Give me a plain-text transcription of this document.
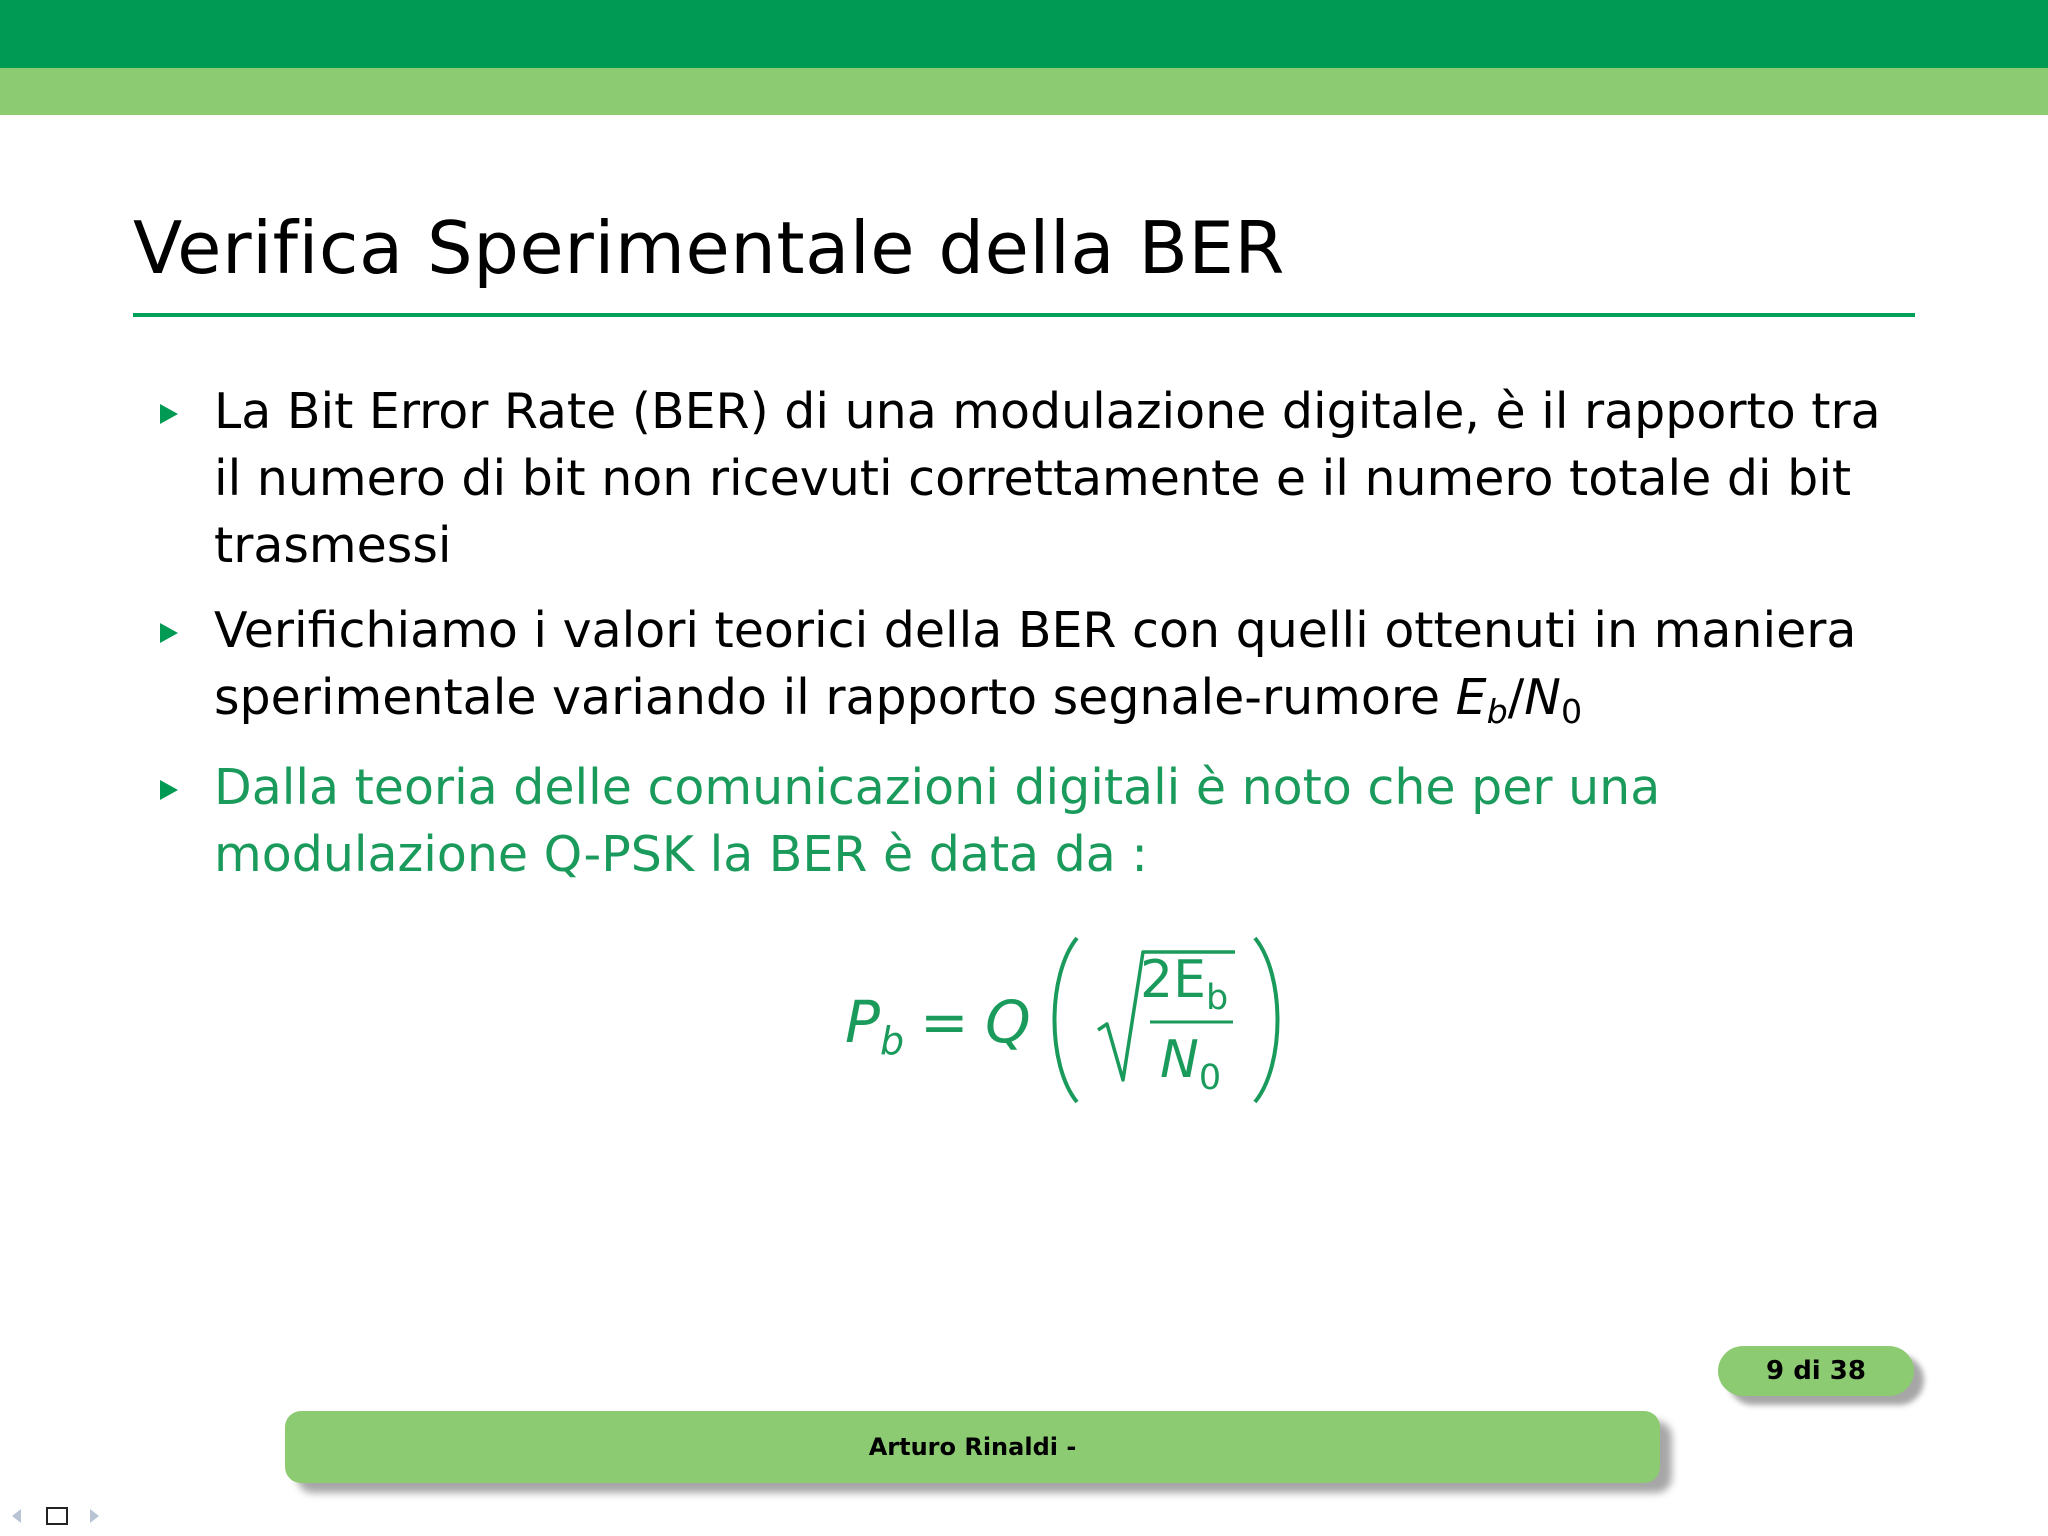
Verifica Sperimentale della BER
La Bit Error Rate (BER) di una modulazione digitale, è il rapporto tra il numero di bit non ricevuti correttamente e il numero totale di bit trasmessi
Verifichiamo i valori teorici della BER con quelli ottenuti in maniera sperimentale variando il rapporto segnale-rumore Eb/N0
Dalla teoria delle comunicazioni digitali è noto che per una modulazione Q-PSK la BER è data da :
$P_b = Q$
$2E_b$
$N_0$
9 di 38
Arturo Rinaldi -
